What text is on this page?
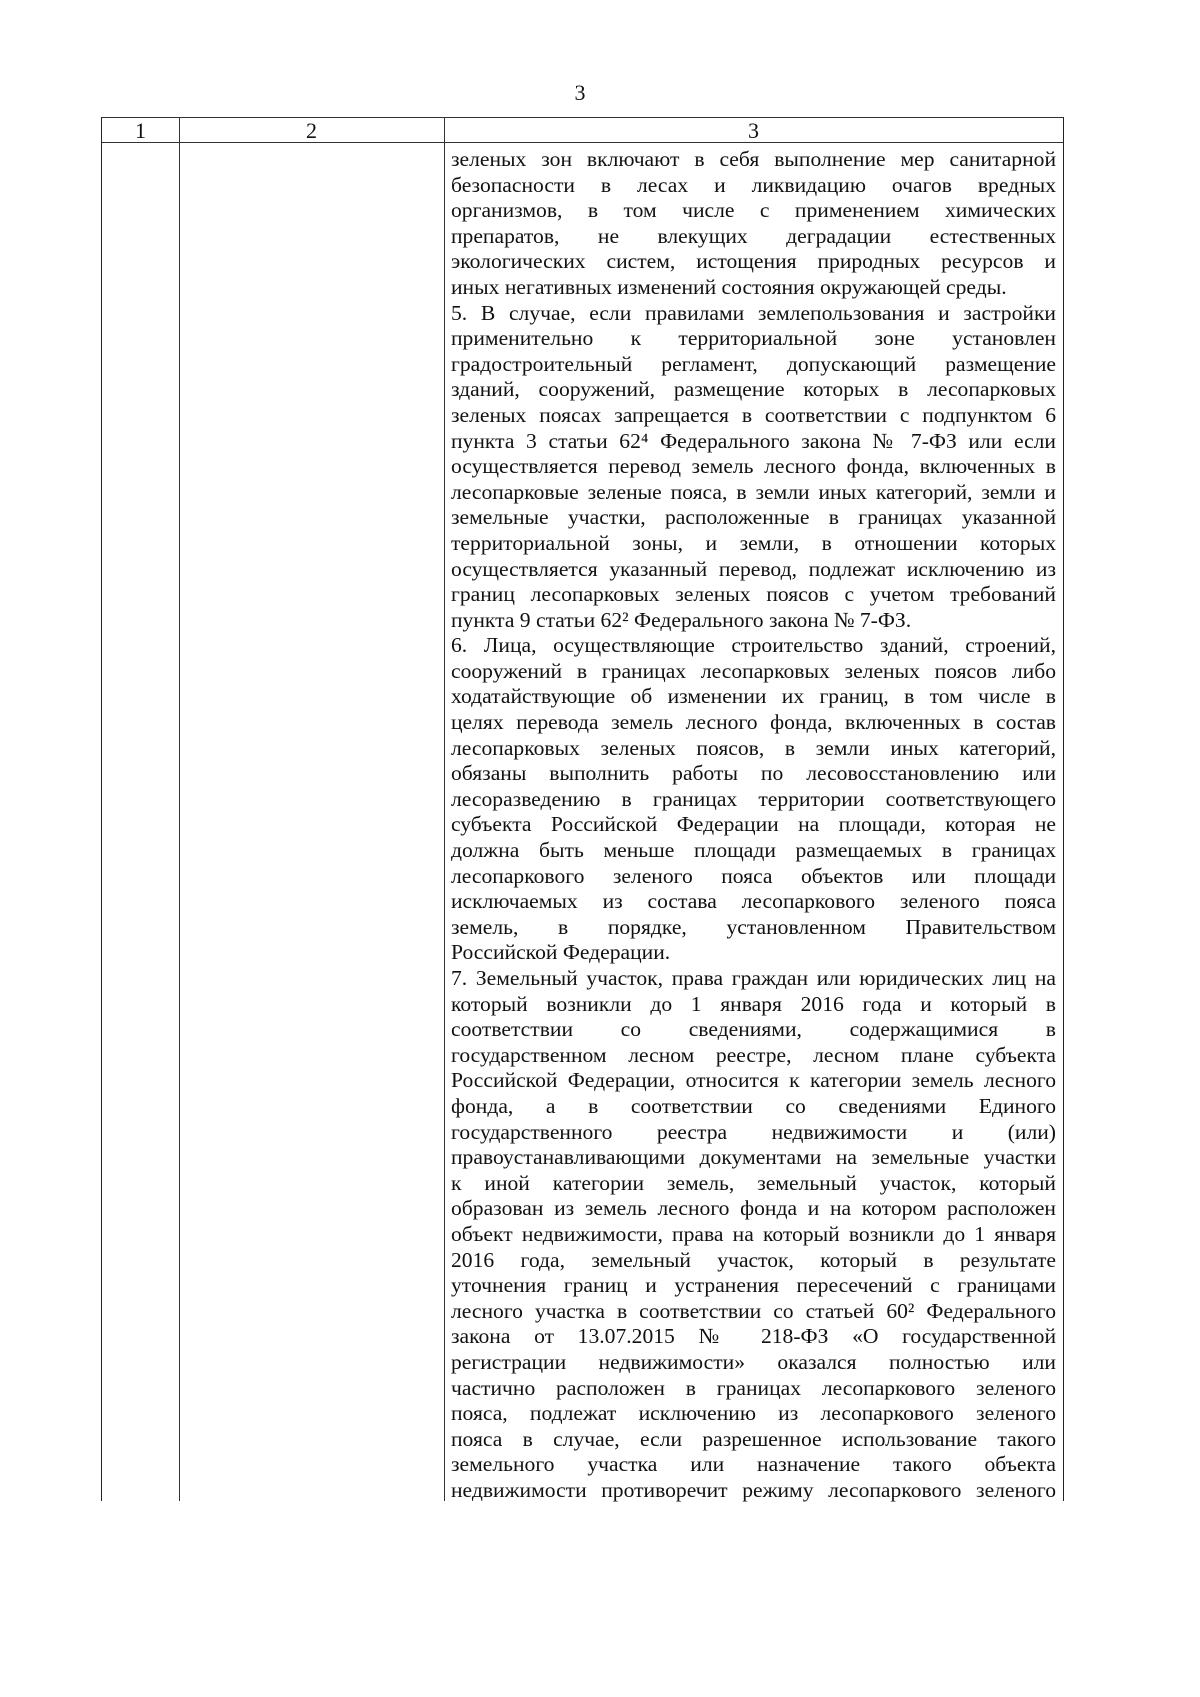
3
1	2	3
зеленых зон включают в себя выполнение мер санитарной
безопасности в лесах и ликвидацию очагов вредных
организмов, в том числе с применением химических
препаратов, не влекущих деградации естественных
экологических систем, истощения природных ресурсов и
иных негативных изменений состояния окружающей среды.
5. В случае, если правилами землепользования и застройки
применительно к территориальной зоне установлен
градостроительный регламент, допускающий размещение
зданий, сооружений, размещение которых в лесопарковых
зеленых поясах запрещается в соответствии с подпунктом 6
пункта 3 статьи 62⁴ Федерального закона № 7-ФЗ или если
осуществляется перевод земель лесного фонда, включенных в
лесопарковые зеленые пояса, в земли иных категорий, земли и
земельные участки, расположенные в границах указанной
территориальной зоны, и земли, в отношении которых
осуществляется указанный перевод, подлежат исключению из
границ лесопарковых зеленых поясов с учетом требований
пункта 9 статьи 62² Федерального закона № 7-ФЗ.
6. Лица, осуществляющие строительство зданий, строений,
сооружений в границах лесопарковых зеленых поясов либо
ходатайствующие об изменении их границ, в том числе в
целях перевода земель лесного фонда, включенных в состав
лесопарковых зеленых поясов, в земли иных категорий,
обязаны выполнить работы по лесовосстановлению или
лесоразведению в границах территории соответствующего
субъекта Российской Федерации на площади, которая не
должна быть меньше площади размещаемых в границах
лесопаркового зеленого пояса объектов или площади
исключаемых из состава лесопаркового зеленого пояса
земель, в порядке, установленном Правительством
Российской Федерации.
7. Земельный участок, права граждан или юридических лиц на
который возникли до 1 января 2016 года и который в
соответствии со сведениями, содержащимися в
государственном лесном реестре, лесном плане субъекта
Российской Федерации, относится к категории земель лесного
фонда, а в соответствии со сведениями Единого
государственного реестра недвижимости и (или)
правоустанавливающими документами на земельные участки
к иной категории земель, земельный участок, который
образован из земель лесного фонда и на котором расположен
объект недвижимости, права на который возникли до 1 января
2016 года, земельный участок, который в результате
уточнения границ и устранения пересечений с границами
лесного участка в соответствии со статьей 60² Федерального
закона от 13.07.2015 № 218-ФЗ «О государственной
регистрации недвижимости» оказался полностью или
частично расположен в границах лесопаркового зеленого
пояса, подлежат исключению из лесопаркового зеленого
пояса в случае, если разрешенное использование такого
земельного участка или назначение такого объекта
недвижимости противоречит режиму лесопаркового зеленого
